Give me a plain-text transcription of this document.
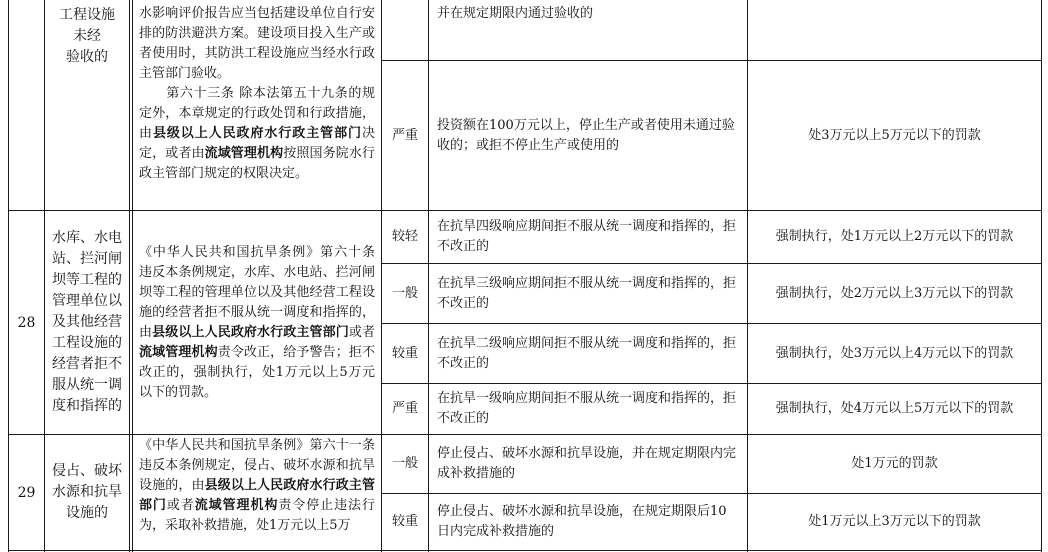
工程设施
未经
验收的
水影响评价报告应当包括建设单位自行安排的防洪避洪方案。建设项目投入生产或者使用时，其防洪工程设施应当经水行政主管部门验收。
　　第六十三条 除本法第五十九条的规定外，本章规定的行政处罚和行政措施，由县级以上人民政府水行政主管部门决定，或者由流域管理机构按照国务院水行政主管部门规定的权限决定。
并在规定期限内通过验收的
严重
投资额在100万元以上，停止生产或者使用未通过验收的；或拒不停止生产或使用的
处3万元以上5万元以下的罚款
28
水库、水电站、拦河闸坝等工程的管理单位以及其他经营工程设施的经营者拒不服从统一调度和指挥的
《中华人民共和国抗旱条例》第六十条 违反本条例规定，水库、水电站、拦河闸坝等工程的管理单位以及其他经营工程设施的经营者拒不服从统一调度和指挥的，由县级以上人民政府水行政主管部门或者流域管理机构责令改正，给予警告；拒不改正的，强制执行，处1万元以上5万元以下的罚款。
较轻
在抗旱四级响应期间拒不服从统一调度和指挥的，拒不改正的
强制执行，处1万元以上2万元以下的罚款
一般
在抗旱三级响应期间拒不服从统一调度和指挥的，拒不改正的
强制执行，处2万元以上3万元以下的罚款
较重
在抗旱二级响应期间拒不服从统一调度和指挥的，拒不改正的
强制执行，处3万元以上4万元以下的罚款
严重
在抗旱一级响应期间拒不服从统一调度和指挥的，拒不改正的
强制执行，处4万元以上5万元以下的罚款
29
侵占、破坏水源和抗旱设施的
《中华人民共和国抗旱条例》第六十一条 违反本条例规定，侵占、破坏水源和抗旱设施的，由县级以上人民政府水行政主管部门或者流域管理机构责令停止违法行为，采取补救措施，处1万元以上5万
一般
停止侵占、破坏水源和抗旱设施，并在规定期限内完成补救措施的
处1万元的罚款
较重
停止侵占、破坏水源和抗旱设施，在规定期限后10日内完成补救措施的
处1万元以上3万元以下的罚款
